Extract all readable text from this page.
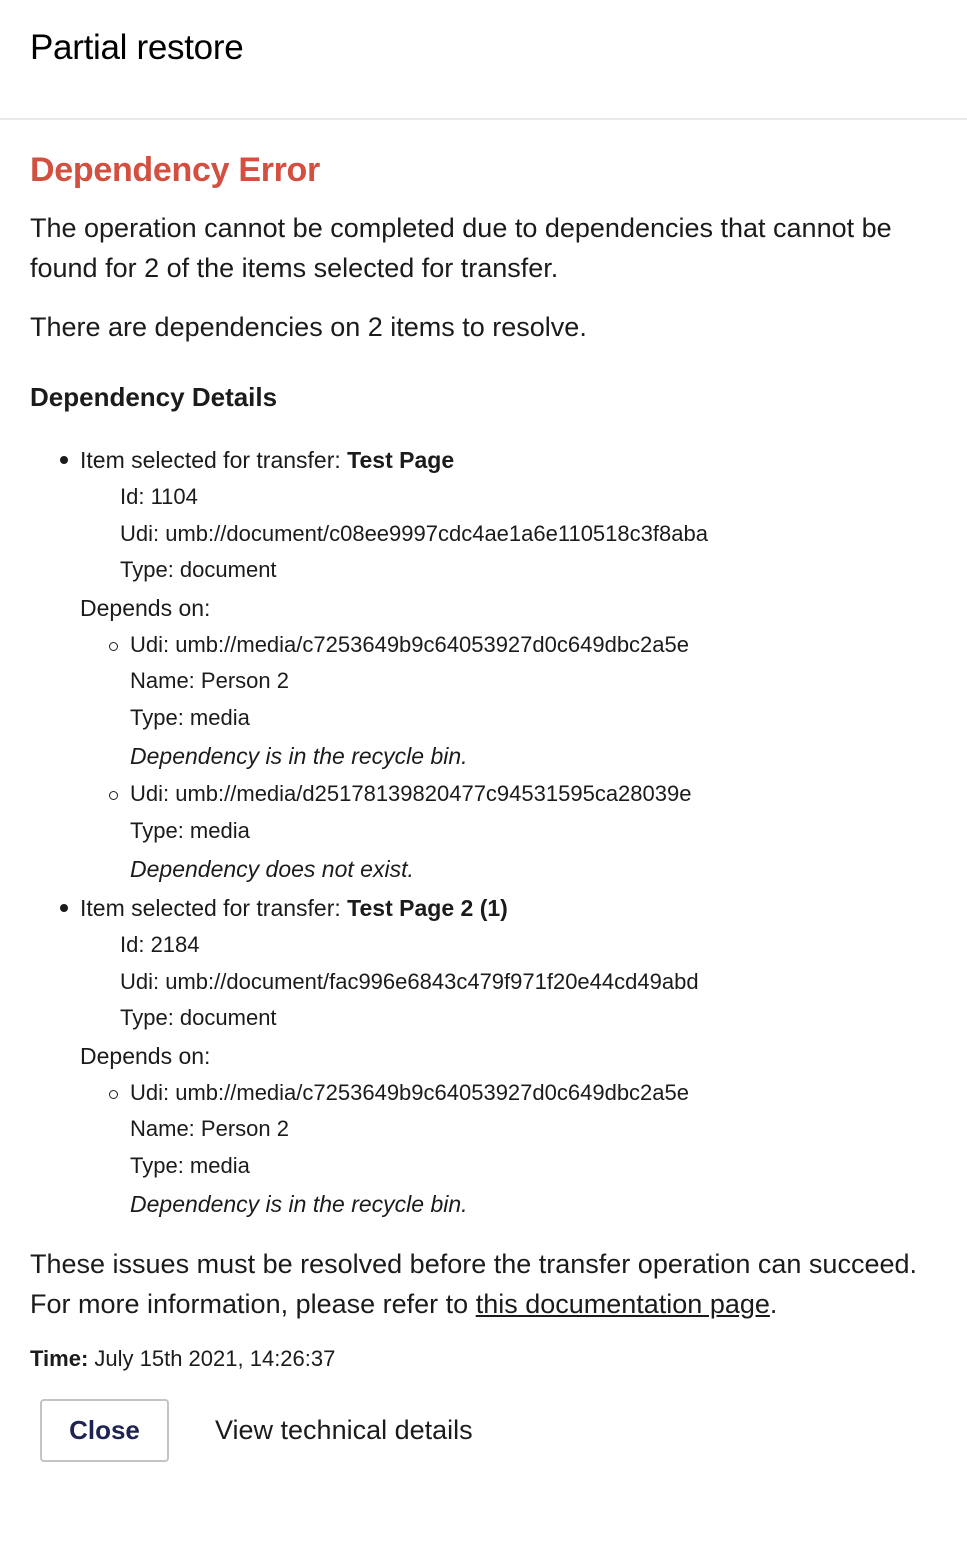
Partial restore
Dependency Error

The operation cannot be completed due to dependencies that cannot be found for 2 of the items selected for transfer.

There are dependencies on 2 items to resolve.

Dependency Details
Item selected for transfer: Test Page
Id: 1104
Udi: umb://document/c08ee9997cdc4ae1a6e110518c3f8aba
Type: document
Depends on:
Udi: umb://media/c7253649b9c64053927d0c649dbc2a5e
Name: Person 2
Type: media
Dependency is in the recycle bin.
Udi: umb://media/d25178139820477c94531595ca28039e
Type: media
Dependency does not exist.
Item selected for transfer: Test Page 2 (1)
Id: 2184
Udi: umb://document/fac996e6843c479f971f20e44cd49abd
Type: document
Depends on:
Udi: umb://media/c7253649b9c64053927d0c649dbc2a5e
Name: Person 2
Type: media
Dependency is in the recycle bin.

These issues must be resolved before the transfer operation can succeed. For more information, please refer to this documentation page.

Time: July 15th 2021, 14:26:37

Close	View technical details
